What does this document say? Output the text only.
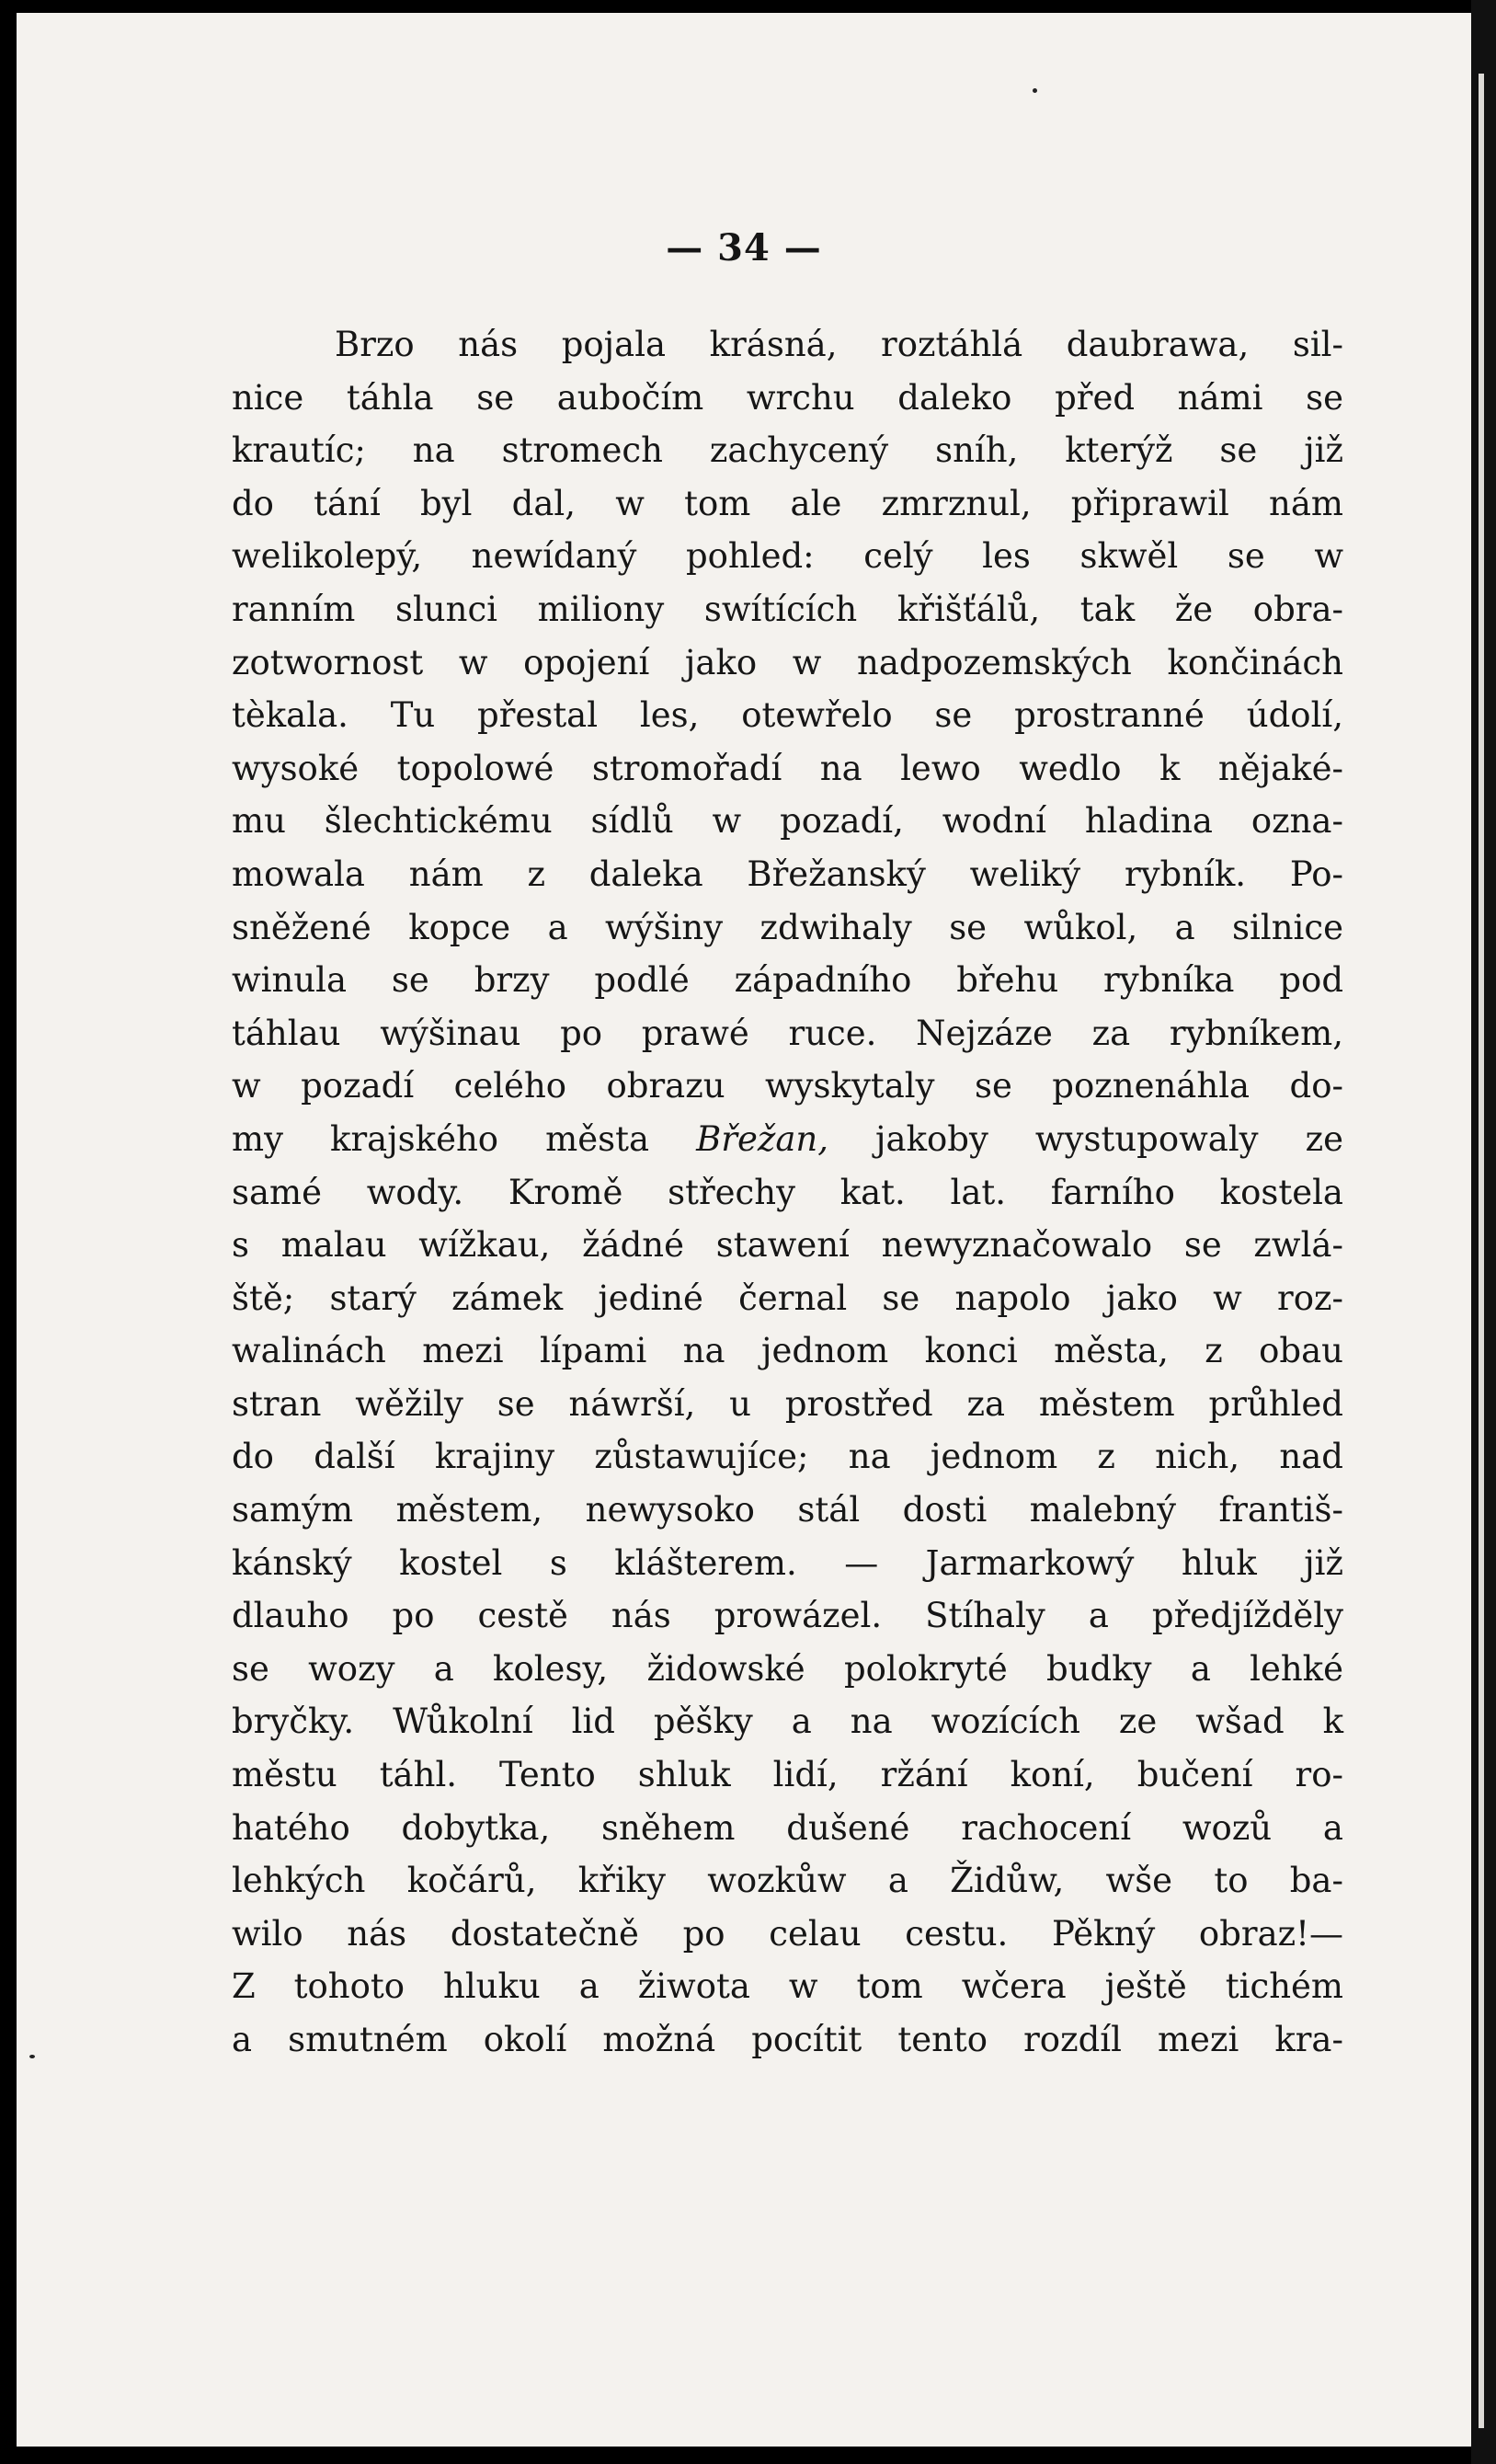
— 34 —
Brzo nás pojala krásná, roztáhlá daubrawa, sil-
nice táhla se aubočím wrchu daleko před námi se
krautíc; na stromech zachycený sníh, kterýž se již
do tání byl dal, w tom ale zmrznul, připrawil nám
welikolepý, newídaný pohled: celý les skwěl se w
ranním slunci miliony swítících křišťálů, tak že obra-
zotwornost w opojení jako w nadpozemských končinách
tèkala. Tu přestal les, otewřelo se prostranné údolí,
wysoké topolowé stromořadí na lewo wedlo k nějaké-
mu šlechtickému sídlů w pozadí, wodní hladina ozna-
mowala nám z daleka Břežanský weliký rybník. Po-
sněžené kopce a wýšiny zdwihaly se wůkol, a silnice
winula se brzy podlé západního břehu rybníka pod
táhlau wýšinau po prawé ruce. Nejzáze za rybníkem,
w pozadí celého obrazu wyskytaly se poznenáhla do-
my krajského města Břežan, jakoby wystupowaly ze
samé wody. Kromě střechy kat. lat. farního kostela
s malau wížkau, žádné stawení newyznačowalo se zwlá-
ště; starý zámek jediné černal se napolo jako w roz-
walinách mezi lípami na jednom konci města, z obau
stran wěžily se náwrší, u prostřed za městem průhled
do další krajiny zůstawujíce; na jednom z nich, nad
samým městem, newysoko stál dosti malebný františ-
kánský kostel s klášterem. — Jarmarkowý hluk již
dlauho po cestě nás prowázel. Stíhaly a předjížděly
se wozy a kolesy, židowské polokryté budky a lehké
bryčky. Wůkolní lid pěšky a na wozících ze wšad k
městu táhl. Tento shluk lidí, ržání koní, bučení ro-
hatého dobytka, sněhem dušené rachocení wozů a
lehkých kočárů, křiky wozkůw a Židůw, wše to ba-
wilo nás dostatečně po celau cestu. Pěkný obraz!—
Z tohoto hluku a žiwota w tom wčera ještě tichém
a smutném okolí možná pocítit tento rozdíl mezi kra-
